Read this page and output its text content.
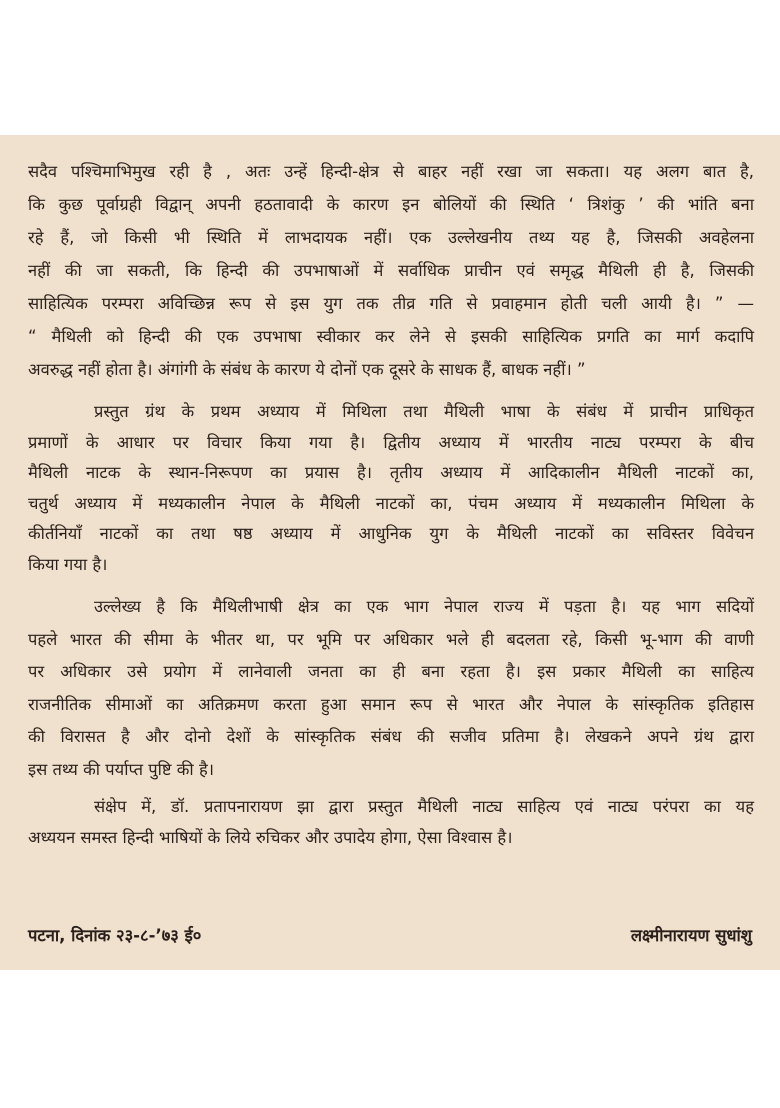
सदैव पश्चिमाभिमुख रही है , अतः उन्हें हिन्दी-क्षेत्र से बाहर नहीं रखा जा सकता। यह अलग बात है,
कि कुछ पूर्वाग्रही विद्वान् अपनी हठतावादी के कारण इन बोलियों की स्थिति ‘ त्रिशंकु ’ की भांति बना
रहे हैं, जो किसी भी स्थिति में लाभदायक नहीं। एक उल्लेखनीय तथ्य यह है, जिसकी अवहेलना
नहीं की जा सकती, कि हिन्दी की उपभाषाओं में सर्वाधिक प्राचीन एवं समृद्ध मैथिली ही है, जिसकी
साहित्यिक परम्परा अविच्छिन्न रूप से इस युग तक तीव्र गति से प्रवाहमान होती चली आयी है। ” —
“ मैथिली को हिन्दी की एक उपभाषा स्वीकार कर लेने से इसकी साहित्यिक प्रगति का मार्ग कदापि
अवरुद्ध नहीं होता है। अंगांगी के संबंध के कारण ये दोनों एक दूसरे के साधक हैं, बाधक नहीं। ”
प्रस्तुत ग्रंथ के प्रथम अध्याय में मिथिला तथा मैथिली भाषा के संबंध में प्राचीन प्राधिकृत
प्रमाणों के आधार पर विचार किया गया है। द्वितीय अध्याय में भारतीय नाट्य परम्परा के बीच
मैथिली नाटक के स्थान-निरूपण का प्रयास है। तृतीय अध्याय में आदिकालीन मैथिली नाटकों का,
चतुर्थ अध्याय में मध्यकालीन नेपाल के मैथिली नाटकों का, पंचम अध्याय में मध्यकालीन मिथिला के
कीर्तनियाँ नाटकों का तथा षष्ठ अध्याय में आधुनिक युग के मैथिली नाटकों का सविस्तर विवेचन
किया गया है।
उल्लेख्य है कि मैथिलीभाषी क्षेत्र का एक भाग नेपाल राज्य में पड़ता है। यह भाग सदियों
पहले भारत की सीमा के भीतर था, पर भूमि पर अधिकार भले ही बदलता रहे, किसी भू-भाग की वाणी
पर अधिकार उसे प्रयोग में लानेवाली जनता का ही बना रहता है। इस प्रकार मैथिली का साहित्य
राजनीतिक सीमाओं का अतिक्रमण करता हुआ समान रूप से भारत और नेपाल के सांस्कृतिक इतिहास
की विरासत है और दोनो देशों के सांस्कृतिक संबंध की सजीव प्रतिमा है। लेखकने अपने ग्रंथ द्वारा
इस तथ्य की पर्याप्त पुष्टि की है।
संक्षेप में, डॉ. प्रतापनारायण झा द्वारा प्रस्तुत मैथिली नाट्य साहित्य एवं नाट्य परंपरा का यह
अध्ययन समस्त हिन्दी भाषियों के लिये रुचिकर और उपादेय होगा, ऐसा विश्वास है।
पटना, दिनांक २३-८-’७३ ई०	लक्ष्मीनारायण सुधांशु
